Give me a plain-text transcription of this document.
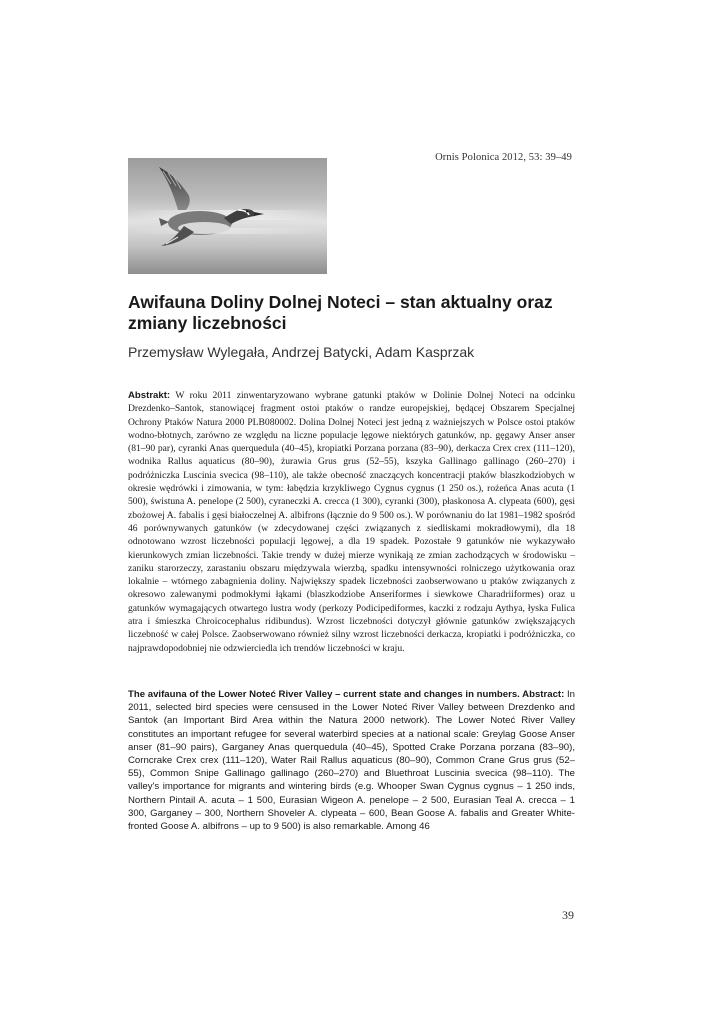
Ornis Polonica 2012, 53: 39–49
Awifauna Doliny Dolnej Noteci – stan aktualny oraz zmiany liczebności
Przemysław Wylegała, Andrzej Batycki, Adam Kasprzak

Abstrakt: W roku 2011 zinwentaryzowano wybrane gatunki ptaków w Dolinie Dolnej Noteci na odcinku Drezdenko–Santok, stanowiącej fragment ostoi ptaków o randze europejskiej, będącej Obszarem Specjalnej Ochrony Ptaków Natura 2000 PLB080002. Dolina Dolnej Noteci jest jedną z ważniejszych w Polsce ostoi ptaków wodno-błotnych, zarówno ze względu na liczne populacje lęgowe niektórych gatunków, np. gęgawy Anser anser (81–90 par), cyranki Anas querquedula (40–45), kropiatki Porzana porzana (83–90), derkacza Crex crex (111–120), wodnika Rallus aquaticus (80–90), żurawia Grus grus (52–55), kszyka Gallinago gallinago (260–270) i podróżniczka Luscinia svecica (98–110), ale także obecność znaczących koncentracji ptaków blaszkodziobych w okresie wędrówki i zimowania, w tym: łabędzia krzykliwego Cygnus cygnus (1 250 os.), rożeńca Anas acuta (1 500), świstuna A. penelope (2 500), cyraneczki A. crecca (1 300), cyranki (300), płaskonosa A. clypeata (600), gęsi zbożowej A. fabalis i gęsi białoczelnej A. albifrons (łącznie do 9 500 os.). W porównaniu do lat 1981–1982 spośród 46 porównywanych gatunków (w zdecydowanej części związanych z siedliskami mokradłowymi), dla 18 odnotowano wzrost liczebności populacji lęgowej, a dla 19 spadek. Pozostałe 9 gatunków nie wykazywało kierunkowych zmian liczebności. Takie trendy w dużej mierze wynikają ze zmian zachodzących w środowisku – zaniku starorzeczy, zarastaniu obszaru międzywala wierzbą, spadku intensywności rolniczego użytkowania oraz lokalnie – wtórnego zabagnienia doliny. Największy spadek liczebności zaobserwowano u ptaków związanych z okresowo zalewanymi podmokłymi łąkami (blaszkodziobe Anseriformes i siewkowe Charadriiformes) oraz u gatunków wymagających otwartego lustra wody (perkozy Podicipediformes, kaczki z rodzaju Aythya, łyska Fulica atra i śmieszka Chroicocephalus ridibundus). Wzrost liczebności dotyczył głównie gatunków zwiększających liczebność w całej Polsce. Zaobserwowano również silny wzrost liczebności derkacza, kropiatki i podróżniczka, co najprawdopodobniej nie odzwierciedla ich trendów liczebności w kraju.

The avifauna of the Lower Noteć River Valley – current state and changes in numbers. Abstract: In 2011, selected bird species were censused in the Lower Noteć River Valley between Drezdenko and Santok (an Important Bird Area within the Natura 2000 network). The Lower Noteć River Valley constitutes an important refugee for several waterbird species at a national scale: Greylag Goose Anser anser (81–90 pairs), Garganey Anas querquedula (40–45), Spotted Crake Porzana porzana (83–90), Corncrake Crex crex (111–120), Water Rail Rallus aquaticus (80–90), Common Crane Grus grus (52–55), Common Snipe Gallinago gallinago (260–270) and Bluethroat Luscinia svecica (98–110). The valley's importance for migrants and wintering birds (e.g. Whooper Swan Cygnus cygnus – 1 250 inds, Northern Pintail A. acuta – 1 500, Eurasian Wigeon A. penelope – 2 500, Eurasian Teal A. crecca – 1 300, Garganey – 300, Northern Shoveler A. clypeata – 600, Bean Goose A. fabalis and Greater White-fronted Goose A. albifrons – up to 9 500) is also remarkable. Among 46

39
